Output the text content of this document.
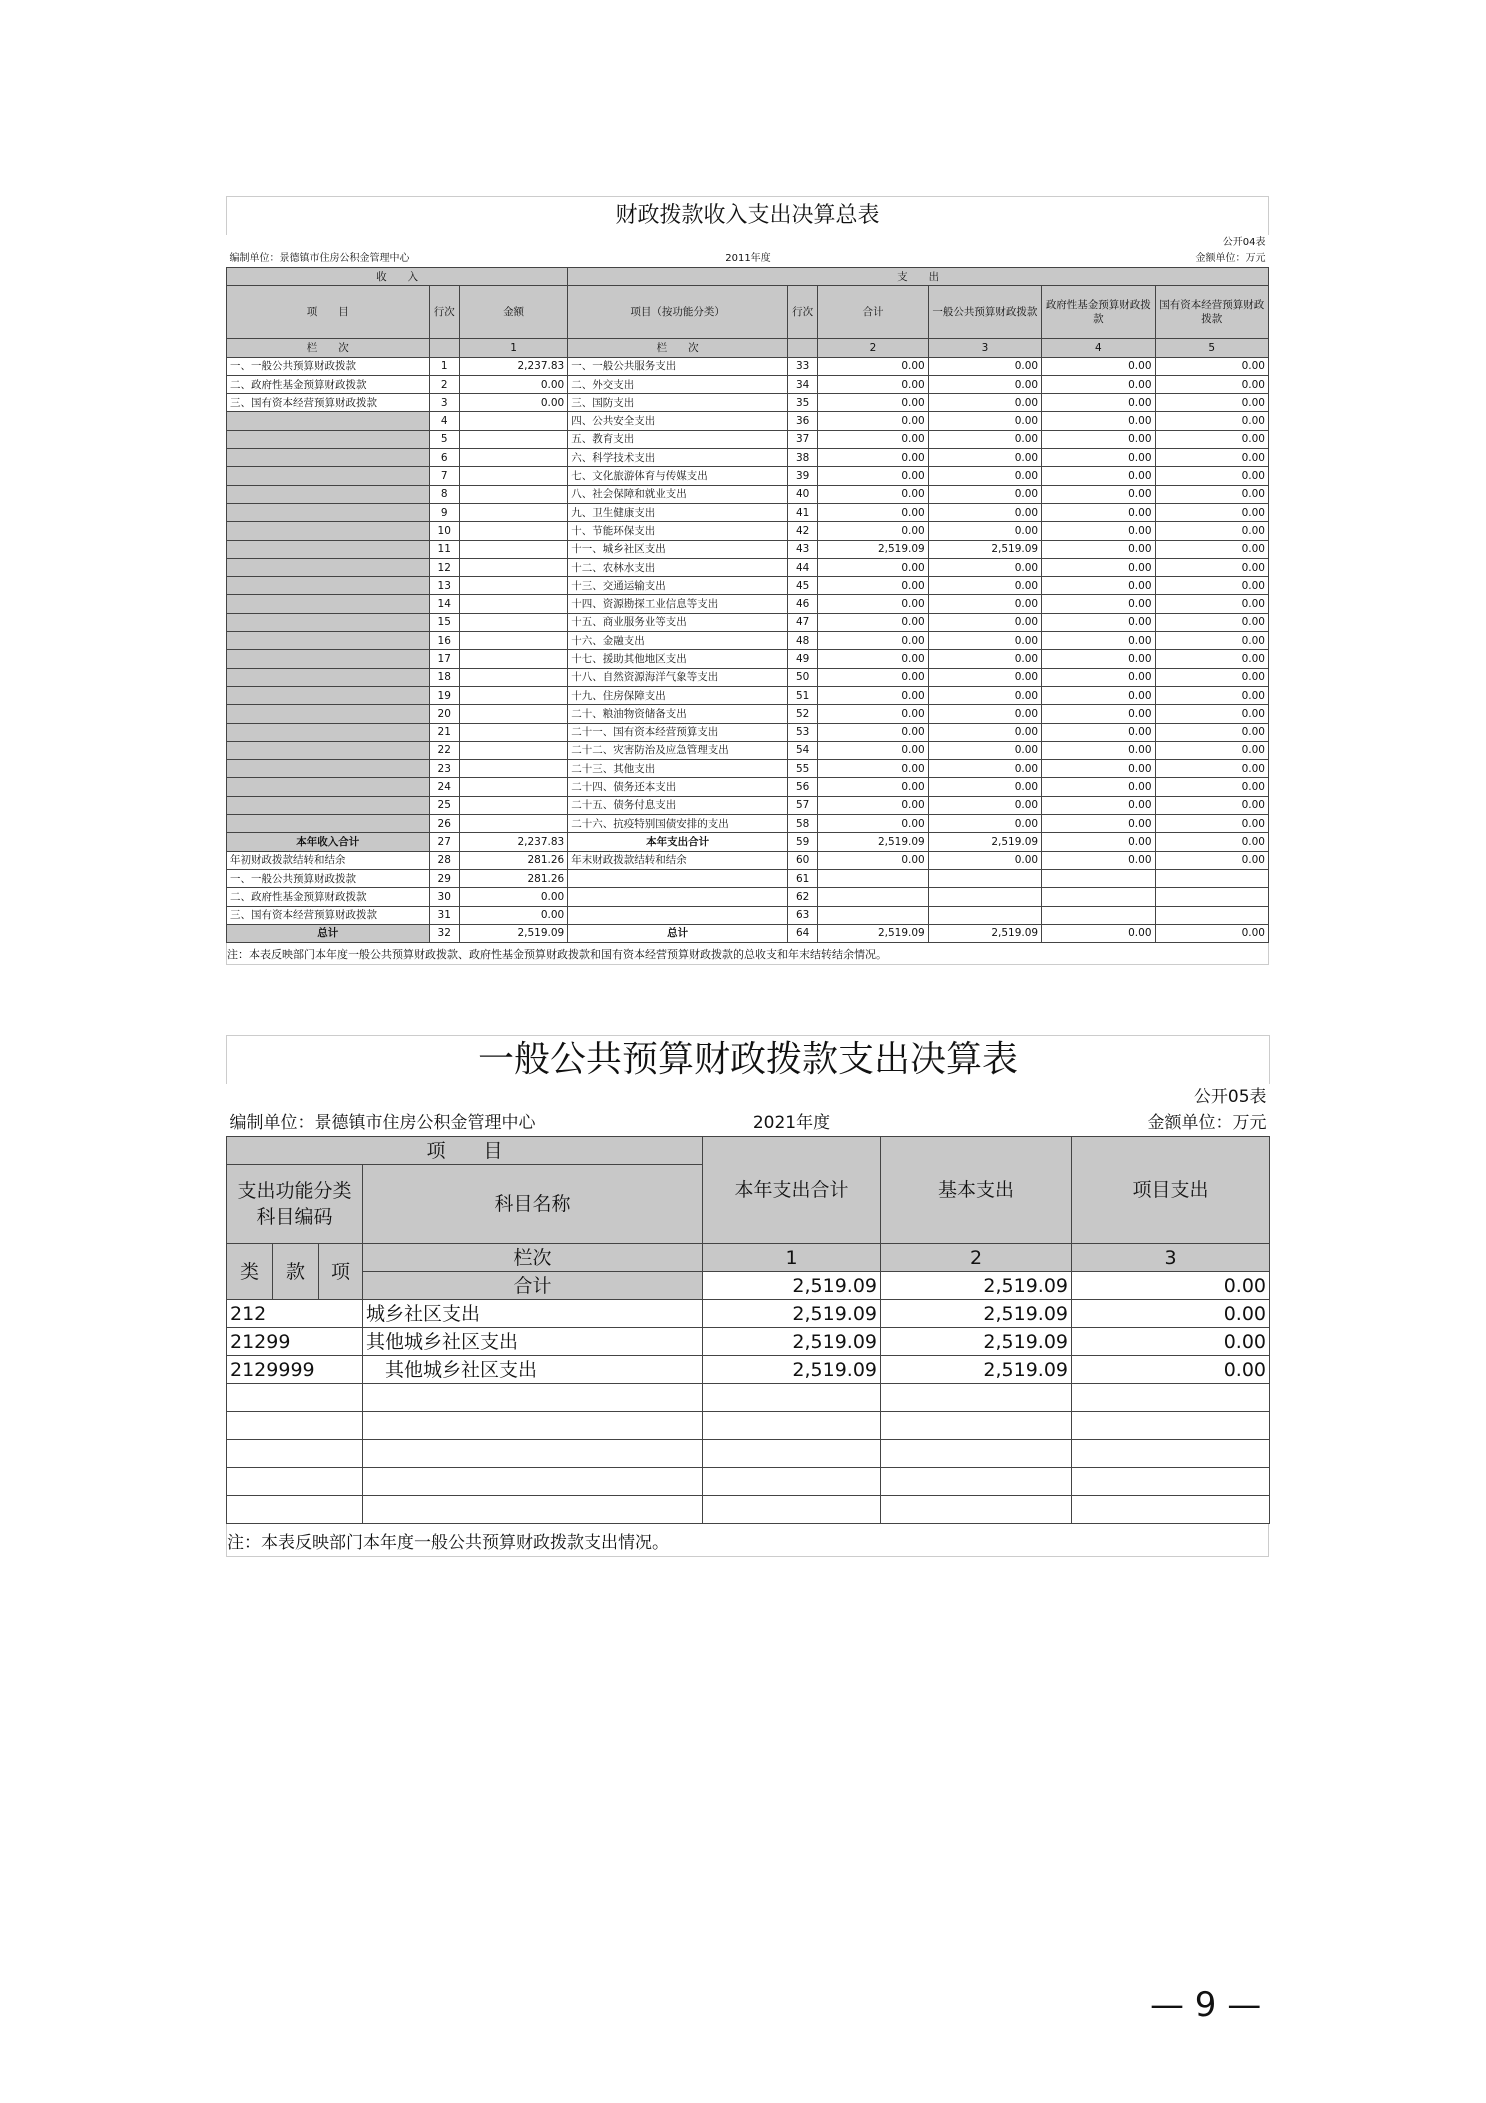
财政拨款收入支出决算总表								
公开04表								
编制单位：景德镇市住房公积金管理中心			2011年度			金额单位：万元		
收　　入			支　　出					
项　　目	行次	金额	项目（按功能分类）	行次	合计	一般公共预算财政拨款	政府性基金预算财政拨款	国有资本经营预算财政拨款
栏　　次		1	栏　　次		2	3	4	5
一、一般公共预算财政拨款	1	2,237.83	一、一般公共服务支出	33	0.00	0.00	0.00	0.00
二、政府性基金预算财政拨款	2	0.00	二、外交支出	34	0.00	0.00	0.00	0.00
三、国有资本经营预算财政拨款	3	0.00	三、国防支出	35	0.00	0.00	0.00	0.00
	4		四、公共安全支出	36	0.00	0.00	0.00	0.00
	5		五、教育支出	37	0.00	0.00	0.00	0.00
	6		六、科学技术支出	38	0.00	0.00	0.00	0.00
	7		七、文化旅游体育与传媒支出	39	0.00	0.00	0.00	0.00
	8		八、社会保障和就业支出	40	0.00	0.00	0.00	0.00
	9		九、卫生健康支出	41	0.00	0.00	0.00	0.00
	10		十、节能环保支出	42	0.00	0.00	0.00	0.00
	11		十一、城乡社区支出	43	2,519.09	2,519.09	0.00	0.00
	12		十二、农林水支出	44	0.00	0.00	0.00	0.00
	13		十三、交通运输支出	45	0.00	0.00	0.00	0.00
	14		十四、资源勘探工业信息等支出	46	0.00	0.00	0.00	0.00
	15		十五、商业服务业等支出	47	0.00	0.00	0.00	0.00
	16		十六、金融支出	48	0.00	0.00	0.00	0.00
	17		十七、援助其他地区支出	49	0.00	0.00	0.00	0.00
	18		十八、自然资源海洋气象等支出	50	0.00	0.00	0.00	0.00
	19		十九、住房保障支出	51	0.00	0.00	0.00	0.00
	20		二十、粮油物资储备支出	52	0.00	0.00	0.00	0.00
	21		二十一、国有资本经营预算支出	53	0.00	0.00	0.00	0.00
	22		二十二、灾害防治及应急管理支出	54	0.00	0.00	0.00	0.00
	23		二十三、其他支出	55	0.00	0.00	0.00	0.00
	24		二十四、债务还本支出	56	0.00	0.00	0.00	0.00
	25		二十五、债务付息支出	57	0.00	0.00	0.00	0.00
	26		二十六、抗疫特别国债安排的支出	58	0.00	0.00	0.00	0.00
本年收入合计	27	2,237.83	本年支出合计	59	2,519.09	2,519.09	0.00	0.00
年初财政拨款结转和结余	28	281.26	年末财政拨款结转和结余	60	0.00	0.00	0.00	0.00
一、一般公共预算财政拨款	29	281.26		61				
二、政府性基金预算财政拨款	30	0.00		62				
三、国有资本经营预算财政拨款	31	0.00		63				
总计	32	2,519.09	总计	64	2,519.09	2,519.09	0.00	0.00
注：本表反映部门本年度一般公共预算财政拨款、政府性基金预算财政拨款和国有资本经营预算财政拨款的总收支和年末结转结余情况。
一般公共预算财政拨款支出决算表						
公开05表						
编制单位：景德镇市住房公积金管理中心				2021年度	金额单位：万元	
项　　目				本年支出合计	基本支出	项目支出
支出功能分类科目编码			科目名称			

类	款	项	栏次	1	2	3
			合计	2,519.09	2,519.09	0.00
212			城乡社区支出	2,519.09	2,519.09	0.00
21299			其他城乡社区支出	2,519.09	2,519.09	0.00
2129999			　其他城乡社区支出	2,519.09	2,519.09	0.00

注：本表反映部门本年度一般公共预算财政拨款支出情况。
— 9 —
